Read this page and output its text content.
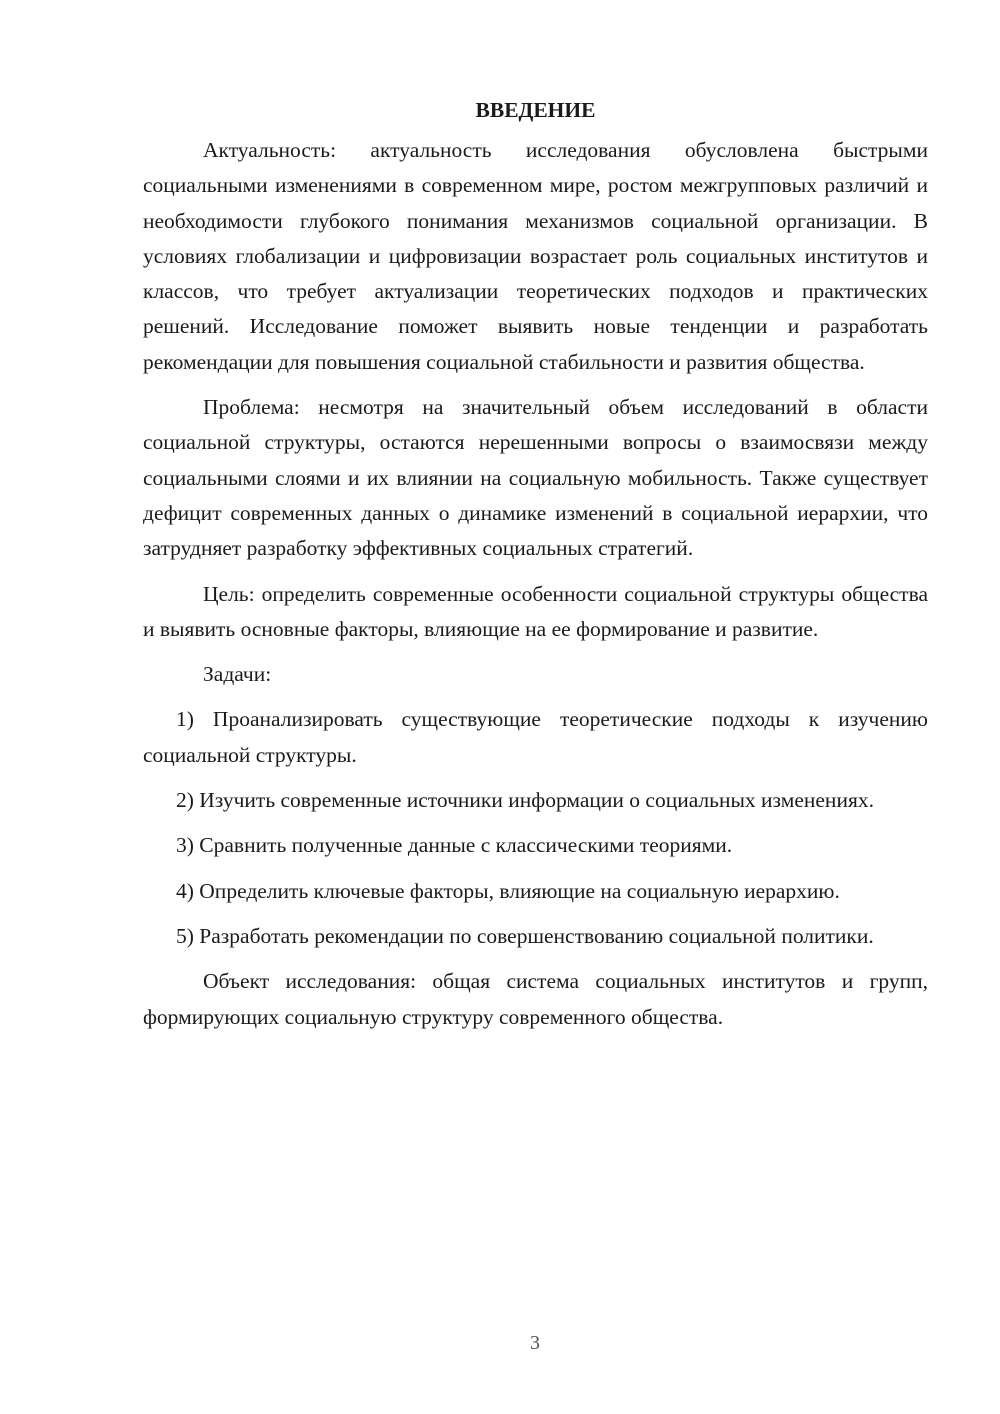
ВВЕДЕНИЕ

Актуальность: актуальность исследования обусловлена быстрыми социальными изменениями в современном мире, ростом межгрупповых различий и необходимости глубокого понимания механизмов социальной организации. В условиях глобализации и цифровизации возрастает роль социальных институтов и классов, что требует актуализации теоретических подходов и практических решений. Исследование поможет выявить новые тенденции и разработать рекомендации для повышения социальной стабильности и развития общества.

Проблема: несмотря на значительный объем исследований в области социальной структуры, остаются нерешенными вопросы о взаимосвязи между социальными слоями и их влиянии на социальную мобильность. Также существует дефицит современных данных о динамике изменений в социальной иерархии, что затрудняет разработку эффективных социальных стратегий.

Цель: определить современные особенности социальной структуры общества и выявить основные факторы, влияющие на ее формирование и развитие.

Задачи:

1) Проанализировать существующие теоретические подходы к изучению социальной структуры.

2) Изучить современные источники информации о социальных изменениях.

3) Сравнить полученные данные с классическими теориями.

4) Определить ключевые факторы, влияющие на социальную иерархию.

5) Разработать рекомендации по совершенствованию социальной политики.

Объект исследования: общая система социальных институтов и групп, формирующих социальную структуру современного общества.

3
